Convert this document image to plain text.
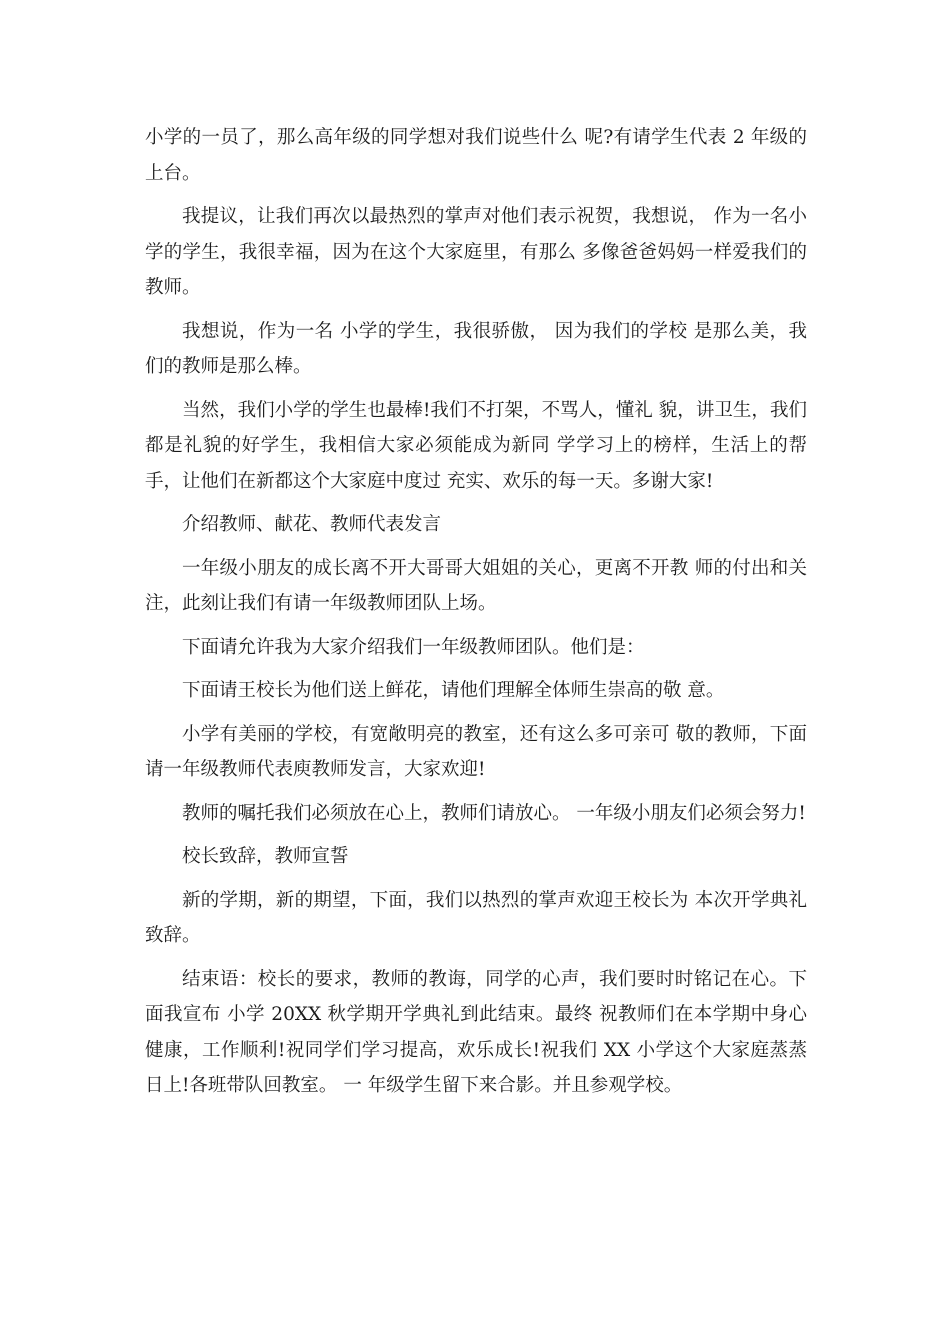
小学的一员了，那么高年级的同学想对我们说些什么 呢?有请学生代表 2 年级的上台。

我提议，让我们再次以最热烈的掌声对他们表示祝贺，我想说， 作为一名小学的学生，我很幸福，因为在这个大家庭里，有那么 多像爸爸妈妈一样爱我们的教师。

我想说，作为一名 小学的学生，我很骄傲， 因为我们的学校 是那么美，我们的教师是那么棒。

当然，我们小学的学生也最棒!我们不打架，不骂人，懂礼 貌，讲卫生，我们都是礼貌的好学生，我相信大家必须能成为新同 学学习上的榜样，生活上的帮手，让他们在新都这个大家庭中度过 充实、欢乐的每一天。多谢大家!

介绍教师、献花、教师代表发言

一年级小朋友的成长离不开大哥哥大姐姐的关心，更离不开教 师的付出和关注，此刻让我们有请一年级教师团队上场。

下面请允许我为大家介绍我们一年级教师团队。他们是：

下面请王校长为他们送上鲜花，请他们理解全体师生崇高的敬 意。

小学有美丽的学校，有宽敞明亮的教室，还有这么多可亲可 敬的教师，下面请一年级教师代表庾教师发言，大家欢迎!

教师的嘱托我们必须放在心上，教师们请放心。 一年级小朋友们必须会努力!

校长致辞，教师宣誓

新的学期，新的期望，下面，我们以热烈的掌声欢迎王校长为 本次开学典礼致辞。

结束语：校长的要求，教师的教诲，同学的心声，我们要时时铭记在心。下面我宣布 小学 20XX 秋学期开学典礼到此结束。最终 祝教师们在本学期中身心健康，工作顺利!祝同学们学习提高，欢乐成长!祝我们 XX 小学这个大家庭蒸蒸日上!各班带队回教室。 一 年级学生留下来合影。并且参观学校。
